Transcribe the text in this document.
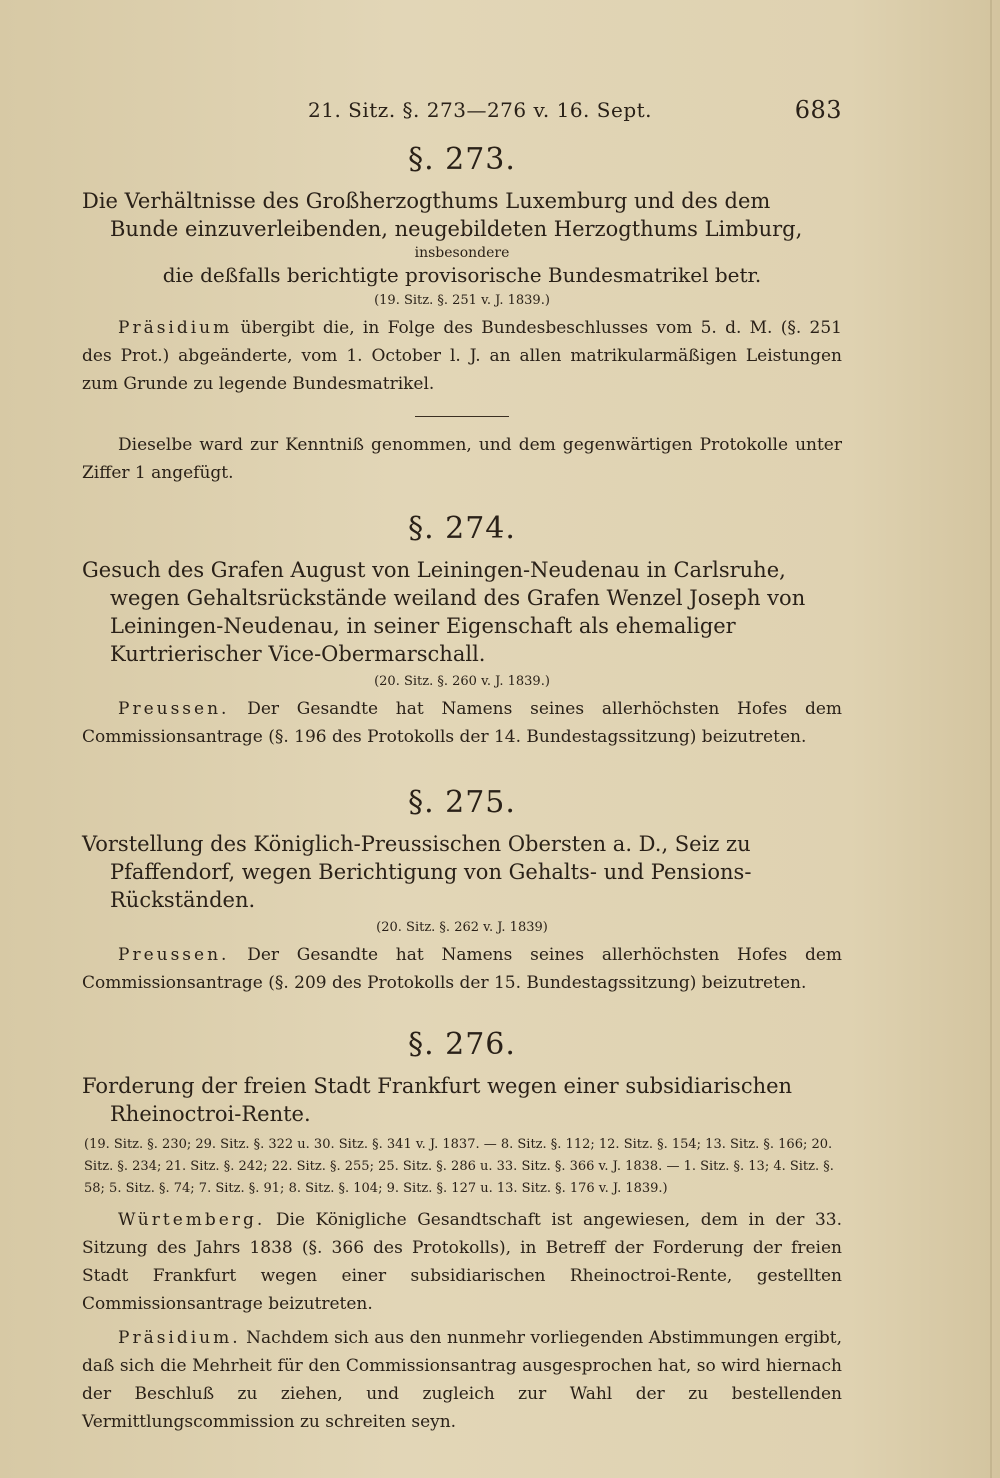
21. Sitz. §. 273—276 v. 16. Sept.	683
§. 273.
Die Verhältnisse des Großherzogthums Luxemburg und des dem Bunde einzuverleibenden, neugebildeten Herzogthums Limburg,
insbesondere
die deßfalls berichtigte provisorische Bundesmatrikel betr.
(19. Sitz. §. 251 v. J. 1839.)

Präsidium übergibt die, in Folge des Bundesbeschlusses vom 5. d. M. (§. 251 des Prot.) abgeänderte, vom 1. October l. J. an allen matrikularmäßigen Leistungen zum Grunde zu legende Bundesmatrikel.

Dieselbe ward zur Kenntniß genommen, und dem gegenwärtigen Protokolle unter Ziffer 1 angefügt.

§. 274.
Gesuch des Grafen August von Leiningen-Neudenau in Carlsruhe, wegen Gehaltsrückstände weiland des Grafen Wenzel Joseph von Leiningen-Neudenau, in seiner Eigenschaft als ehemaliger Kurtrierischer Vice-Obermarschall.
(20. Sitz. §. 260 v. J. 1839.)

Preussen. Der Gesandte hat Namens seines allerhöchsten Hofes dem Commissionsantrage (§. 196 des Protokolls der 14. Bundestagssitzung) beizutreten.

§. 275.
Vorstellung des Königlich-Preussischen Obersten a. D., Seiz zu Pfaffendorf, wegen Berichtigung von Gehalts- und Pensions-Rückständen.
(20. Sitz. §. 262 v. J. 1839)

Preussen. Der Gesandte hat Namens seines allerhöchsten Hofes dem Commissionsantrage (§. 209 des Protokolls der 15. Bundestagssitzung) beizutreten.

§. 276.
Forderung der freien Stadt Frankfurt wegen einer subsidiarischen Rheinoctroi-Rente.
(19. Sitz. §. 230; 29. Sitz. §. 322 u. 30. Sitz. §. 341 v. J. 1837. — 8. Sitz. §. 112; 12. Sitz. §. 154; 13. Sitz. §. 166; 20. Sitz. §. 234; 21. Sitz. §. 242; 22. Sitz. §. 255; 25. Sitz. §. 286 u. 33. Sitz. §. 366 v. J. 1838. — 1. Sitz. §. 13; 4. Sitz. §. 58; 5. Sitz. §. 74; 7. Sitz. §. 91; 8. Sitz. §. 104; 9. Sitz. §. 127 u. 13. Sitz. §. 176 v. J. 1839.)

Würtemberg. Die Königliche Gesandtschaft ist angewiesen, dem in der 33. Sitzung des Jahrs 1838 (§. 366 des Protokolls), in Betreff der Forderung der freien Stadt Frankfurt wegen einer subsidiarischen Rheinoctroi-Rente, gestellten Commissionsantrage beizutreten.

Präsidium. Nachdem sich aus den nunmehr vorliegenden Abstimmungen ergibt, daß sich die Mehrheit für den Commissionsantrag ausgesprochen hat, so wird hiernach der Beschluß zu ziehen, und zugleich zur Wahl der zu bestellenden Vermittlungscommission zu schreiten seyn.
